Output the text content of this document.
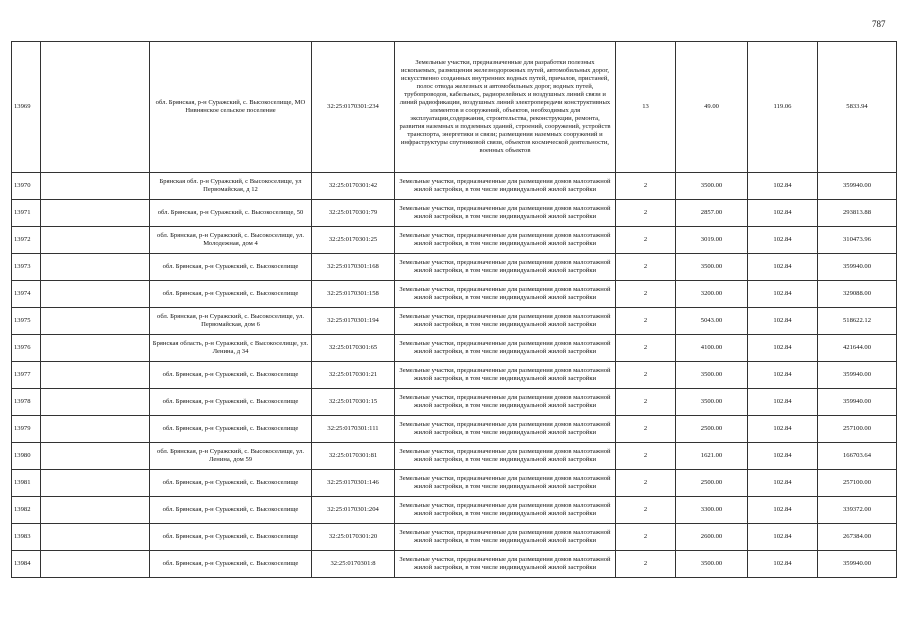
787
13969		обл. Брянская, р-н Суражский, с. Высокоселище, МО Нивнянское сельское поселение	32:25:0170301:234	Земельные участки, предназначенные для разработки полезных ископаемых, размещения железнодорожных путей, автомобильных дорог, искусственно созданных внутренних водных путей, причалов, пристаней, полос отвода железных и автомобильных дорог, водных путей, трубопроводов, кабельных, радиорелейных и воздушных линий связи и линий радиофикации, воздушных линий электропередачи конструктивных элементов и сооружений, объектов, необходимых для эксплуатации,содержания, строительства, реконструкции, ремонта, развития наземных и подземных зданий, строений, сооружений, устройств транспорта, энергетики и связи; размещения наземных сооружений и инфраструктуры спутниковой связи, объектов космической деятельности, военных объектов	13	49.00	119.06	5833.94
13970		Брянская обл. р-н Суражский, с Высокоселище, ул Первомайская, д 12	32:25:0170301:42	Земельные участки, предназначенные для размещения домов малоэтажной жилой застройки, в том числе индивидуальной жилой застройки	2	3500.00	102.84	359940.00
13971		обл. Брянская, р-н Суражский, с. Высокоселище, 50	32:25:0170301:79	Земельные участки, предназначенные для размещения домов малоэтажной жилой застройки, в том числе индивидуальной жилой застройки	2	2857.00	102.84	293813.88
13972		обл. Брянская, р-н Суражский, с. Высокоселище, ул. Молодежная, дом 4	32:25:0170301:25	Земельные участки, предназначенные для размещения домов малоэтажной жилой застройки, в том числе индивидуальной жилой застройки	2	3019.00	102.84	310473.96
13973		обл. Брянская, р-н Суражский, с. Высокоселище	32:25:0170301:168	Земельные участки, предназначенные для размещения домов малоэтажной жилой застройки, в том числе индивидуальной жилой застройки	2	3500.00	102.84	359940.00
13974		обл. Брянская, р-н Суражский, с. Высокоселище	32:25:0170301:158	Земельные участки, предназначенные для размещения домов малоэтажной жилой застройки, в том числе индивидуальной жилой застройки	2	3200.00	102.84	329088.00
13975		обл. Брянская, р-н Суражский, с. Высокоселище, ул. Первомайская, дом 6	32:25:0170301:194	Земельные участки, предназначенные для размещения домов малоэтажной жилой застройки, в том числе индивидуальной жилой застройки	2	5043.00	102.84	518622.12
13976		Брянская область, р-н Суражский, с Высокоселище, ул. Ленина, д 34	32:25:0170301:65	Земельные участки, предназначенные для размещения домов малоэтажной жилой застройки, в том числе индивидуальной жилой застройки	2	4100.00	102.84	421644.00
13977		обл. Брянская, р-н Суражский, с. Высокоселище	32:25:0170301:21	Земельные участки, предназначенные для размещения домов малоэтажной жилой застройки, в том числе индивидуальной жилой застройки	2	3500.00	102.84	359940.00
13978		обл. Брянская, р-н Суражский, с. Высокоселище	32:25:0170301:15	Земельные участки, предназначенные для размещения домов малоэтажной жилой застройки, в том числе индивидуальной жилой застройки	2	3500.00	102.84	359940.00
13979		обл. Брянская, р-н Суражский, с. Высокоселище	32:25:0170301:111	Земельные участки, предназначенные для размещения домов малоэтажной жилой застройки, в том числе индивидуальной жилой застройки	2	2500.00	102.84	257100.00
13980		обл. Брянская, р-н Суражский, с. Высокоселище, ул. Ленина, дом 59	32:25:0170301:81	Земельные участки, предназначенные для размещения домов малоэтажной жилой застройки, в том числе индивидуальной жилой застройки	2	1621.00	102.84	166703.64
13981		обл. Брянская, р-н Суражский, с. Высокоселище	32:25:0170301:146	Земельные участки, предназначенные для размещения домов малоэтажной жилой застройки, в том числе индивидуальной жилой застройки	2	2500.00	102.84	257100.00
13982		обл. Брянская, р-н Суражский, с. Высокоселище	32:25:0170301:204	Земельные участки, предназначенные для размещения домов малоэтажной жилой застройки, в том числе индивидуальной жилой застройки	2	3300.00	102.84	339372.00
13983		обл. Брянская, р-н Суражский, с. Высокоселище	32:25:0170301:20	Земельные участки, предназначенные для размещения домов малоэтажной жилой застройки, в том числе индивидуальной жилой застройки	2	2600.00	102.84	267384.00
13984		обл. Брянская, р-н Суражский, с. Высокоселище	32:25:0170301:8	Земельные участки, предназначенные для размещения домов малоэтажной жилой застройки, в том числе индивидуальной жилой застройки	2	3500.00	102.84	359940.00
